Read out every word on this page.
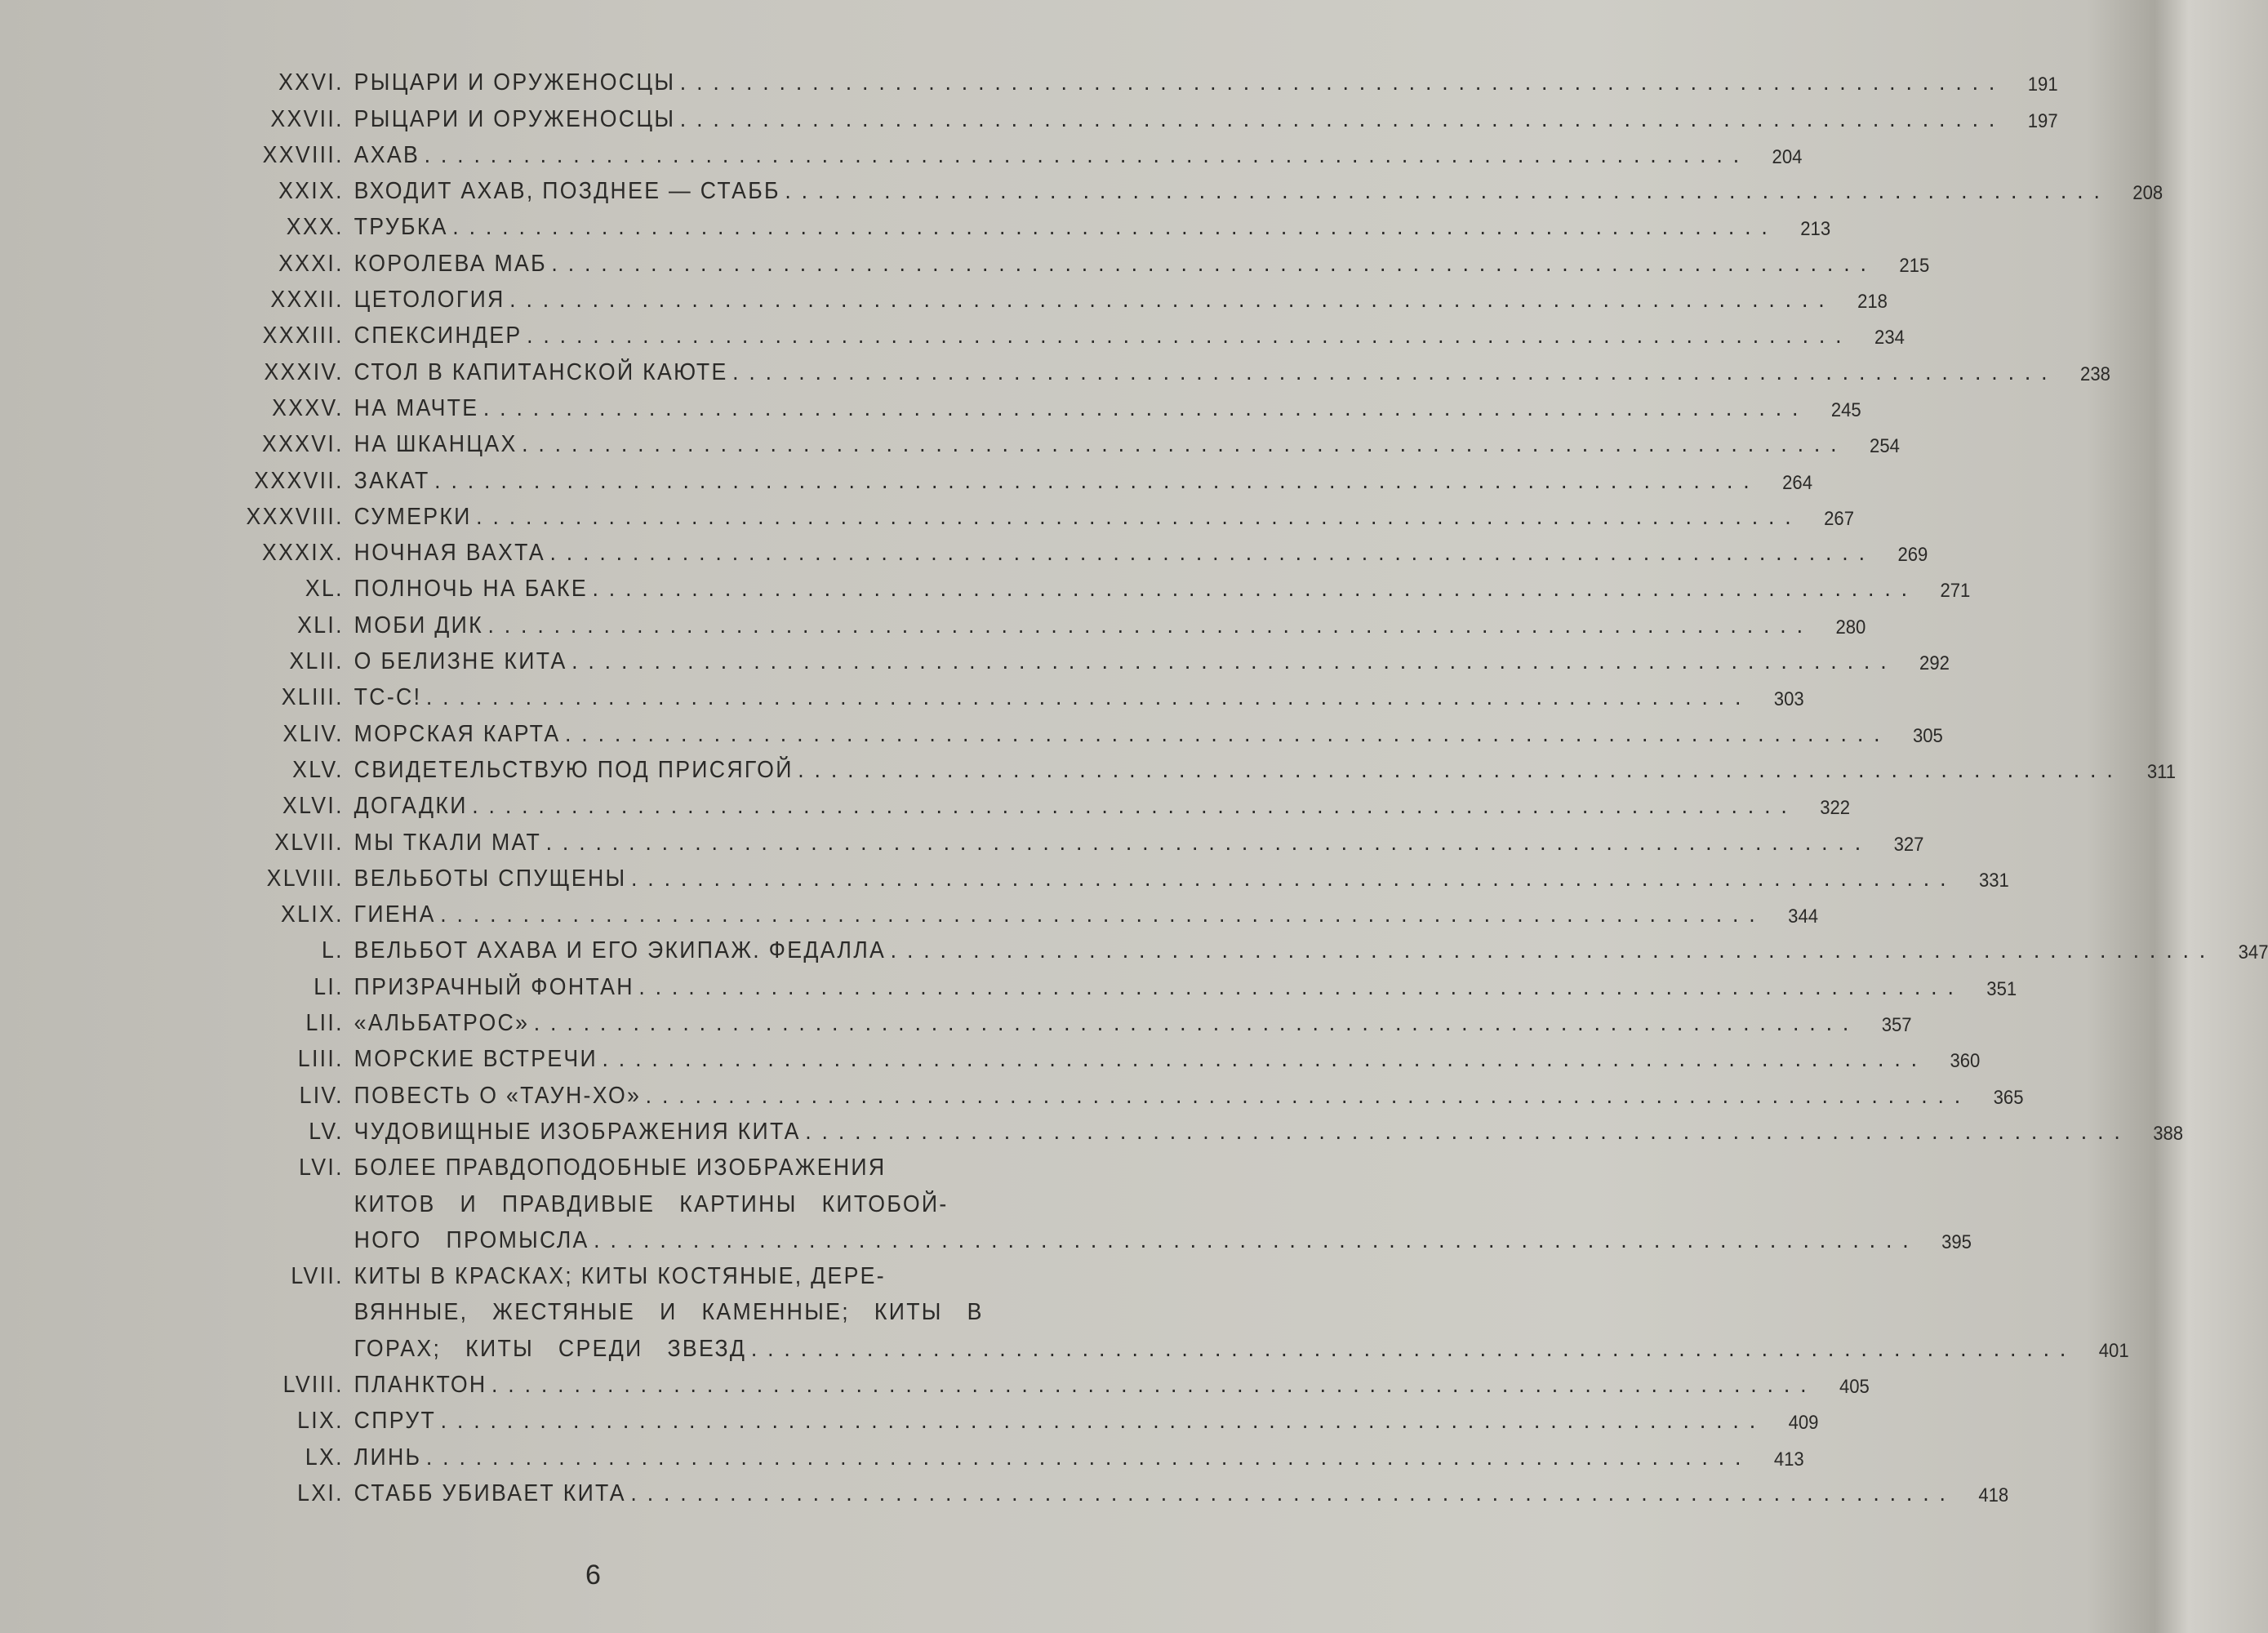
XXVI. РЫЦАРИ И ОРУЖЕНОСЦЫ ................................................................................	191
XXVII. РЫЦАРИ И ОРУЖЕНОСЦЫ ................................................................................	197
XXVIII. АХАВ ................................................................................	204
XXIX. ВХОДИТ АХАВ, ПОЗДНЕЕ — СТАББ ................................................................................	208
XXX. ТРУБКА ................................................................................	213
XXXI. КОРОЛЕВА МАБ ................................................................................	215
XXXII. ЦЕТОЛОГИЯ ................................................................................	218
XXXIII. СПЕКСИНДЕР ................................................................................	234
XXXIV. СТОЛ В КАПИТАНСКОЙ КАЮТЕ ................................................................................	238
XXXV. НА МАЧТЕ ................................................................................	245
XXXVI. НА ШКАНЦАХ ................................................................................	254
XXXVII. ЗАКАТ ................................................................................	264
XXXVIII. СУМЕРКИ ................................................................................	267
XXXIX. НОЧНАЯ ВАХТА ................................................................................	269
XL. ПОЛНОЧЬ НА БАКЕ ................................................................................	271
XLI. МОБИ ДИК ................................................................................	280
XLII. О БЕЛИЗНЕ КИТА ................................................................................	292
XLIII. ТС-С! ................................................................................	303
XLIV. МОРСКАЯ КАРТА ................................................................................	305
XLV. СВИДЕТЕЛЬСТВУЮ ПОД ПРИСЯГОЙ ................................................................................	311
XLVI. ДОГАДКИ ................................................................................	322
XLVII. МЫ ТКАЛИ МАТ ................................................................................	327
XLVIII. ВЕЛЬБОТЫ СПУЩЕНЫ ................................................................................	331
XLIX. ГИЕНА ................................................................................	344
L. ВЕЛЬБОТ АХАВА И ЕГО ЭКИПАЖ. ФЕДАЛЛА ................................................................................	347
LI. ПРИЗРАЧНЫЙ ФОНТАН ................................................................................	351
LII. «АЛЬБАТРОС» ................................................................................	357
LIII. МОРСКИЕ ВСТРЕЧИ ................................................................................	360
LIV. ПОВЕСТЬ О «ТАУН-ХО» ................................................................................	365
LV. ЧУДОВИЩНЫЕ ИЗОБРАЖЕНИЯ КИТА ................................................................................	388
LVI. БОЛЕЕ ПРАВДОПОДОБНЫЕ ИЗОБРАЖЕНИЯ
КИТОВ И ПРАВДИВЫЕ КАРТИНЫ КИТОБОЙ-
НОГО ПРОМЫСЛА ................................................................................	395
LVII. КИТЫ В КРАСКАХ; КИТЫ КОСТЯНЫЕ, ДЕРЕ-
ВЯННЫЕ, ЖЕСТЯНЫЕ И КАМЕННЫЕ; КИТЫ В
ГОРАХ; КИТЫ СРЕДИ ЗВЕЗД ................................................................................	401
LVIII. ПЛАНКТОН ................................................................................	405
LIX. СПРУТ ................................................................................	409
LX. ЛИНЬ ................................................................................	413
LXI. СТАББ УБИВАЕТ КИТА ................................................................................	418
6
